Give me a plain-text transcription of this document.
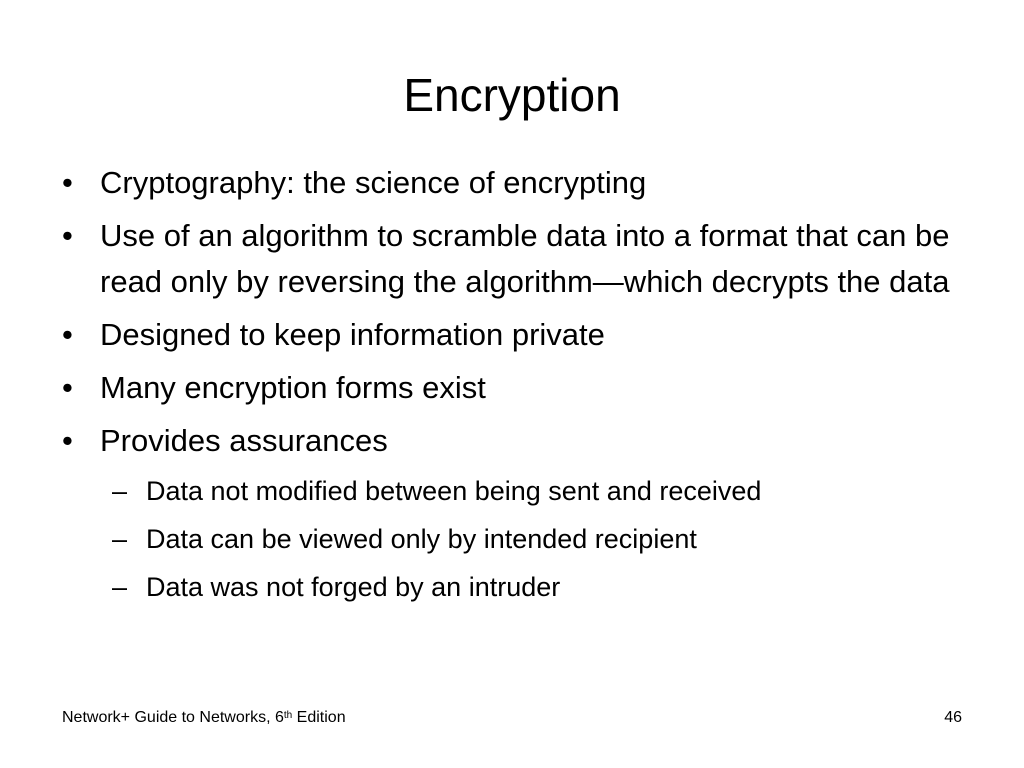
Encryption
• Cryptography: the science of encrypting
• Use of an algorithm to scramble data into a format that can be read only by reversing the algorithm—which decrypts the data
• Designed to keep information private
• Many encryption forms exist
• Provides assurances
– Data not modified between being sent and received
– Data can be viewed only by intended recipient
– Data was not forged by an intruder
Network+ Guide to Networks, 6th Edition	46
